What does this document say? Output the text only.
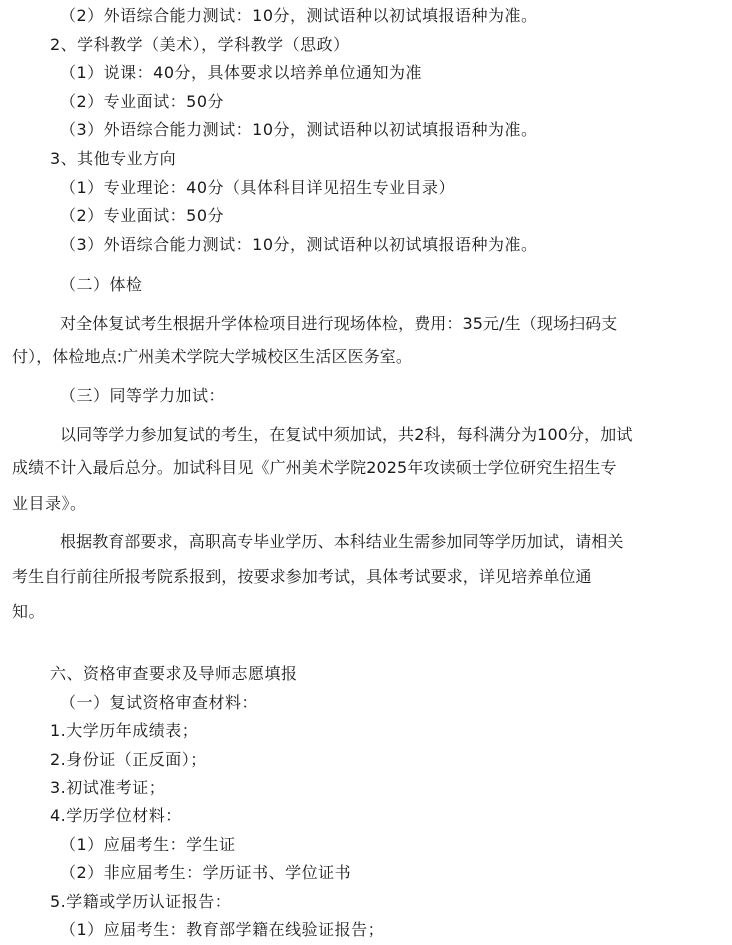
（2）外语综合能力测试：10分，测试语种以初试填报语种为准。
2、学科教学（美术），学科教学（思政）
（1）说课：40分，具体要求以培养单位通知为准
（2）专业面试：50分
（3）外语综合能力测试：10分，测试语种以初试填报语种为准。
3、其他专业方向
（1）专业理论：40分（具体科目详见招生专业目录）
（2）专业面试：50分
（3）外语综合能力测试：10分，测试语种以初试填报语种为准。
（二）体检
对全体复试考生根据升学体检项目进行现场体检，费用：35元/生（现场扫码支
付），体检地点:广州美术学院大学城校区生活区医务室。
（三）同等学力加试：
以同等学力参加复试的考生，在复试中须加试，共2科，每科满分为100分，加试
成绩不计入最后总分。加试科目见《广州美术学院2025年攻读硕士学位研究生招生专
业目录》。
根据教育部要求，高职高专毕业学历、本科结业生需参加同等学历加试，请相关
考生自行前往所报考院系报到，按要求参加考试，具体考试要求，详见培养单位通
知。
六、资格审查要求及导师志愿填报
（一）复试资格审查材料：
1.大学历年成绩表；
2.身份证（正反面）；
3.初试准考证；
4.学历学位材料：
（1）应届考生：学生证
（2）非应届考生：学历证书、学位证书
5.学籍或学历认证报告：
（1）应届考生：教育部学籍在线验证报告；
